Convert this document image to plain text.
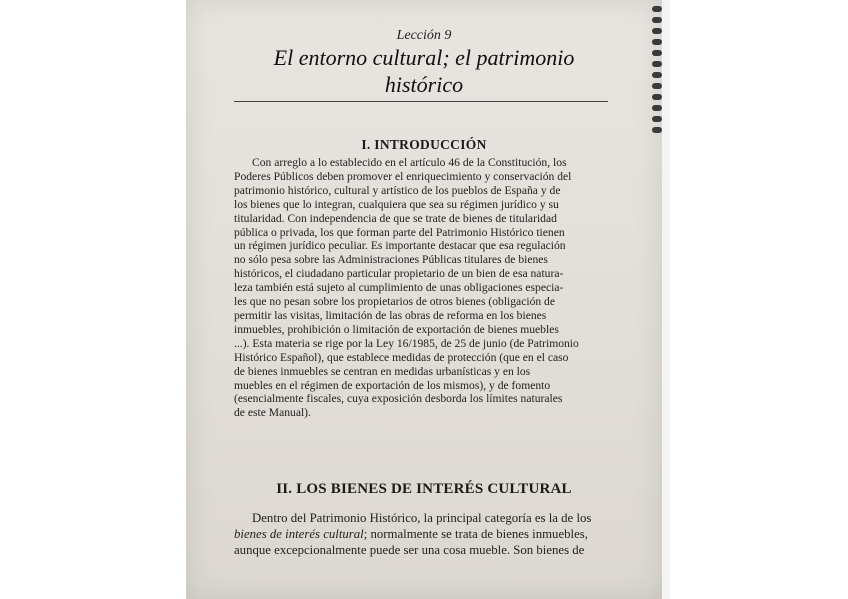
Lección 9
El entorno cultural; el patrimonio
histórico
I. INTRODUCCIÓN
Con arreglo a lo establecido en el artículo 46 de la Constitución, los
Poderes Públicos deben promover el enriquecimiento y conservación del
patrimonio histórico, cultural y artístico de los pueblos de España y de
los bienes que lo integran, cualquiera que sea su régimen jurídico y su
titularidad. Con independencia de que se trate de bienes de titularidad
pública o privada, los que forman parte del Patrimonio Histórico tienen
un régimen jurídico peculiar. Es importante destacar que esa regulación
no sólo pesa sobre las Administraciones Públicas titulares de bienes
históricos, el ciudadano particular propietario de un bien de esa natura-
leza también está sujeto al cumplimiento de unas obligaciones especia-
les que no pesan sobre los propietarios de otros bienes (obligación de
permitir las visitas, limitación de las obras de reforma en los bienes
inmuebles, prohibición o limitación de exportación de bienes muebles
...). Esta materia se rige por la Ley 16/1985, de 25 de junio (de Patrimonio
Histórico Español), que establece medidas de protección (que en el caso
de bienes inmuebles se centran en medidas urbanísticas y en los
muebles en el régimen de exportación de los mismos), y de fomento
(esencialmente fiscales, cuya exposición desborda los límites naturales
de este Manual).
II. LOS BIENES DE INTERÉS CULTURAL
Dentro del Patrimonio Histórico, la principal categoría es la de los
bienes de interés cultural; normalmente se trata de bienes inmuebles,
aunque excepcionalmente puede ser una cosa mueble. Son bienes de
